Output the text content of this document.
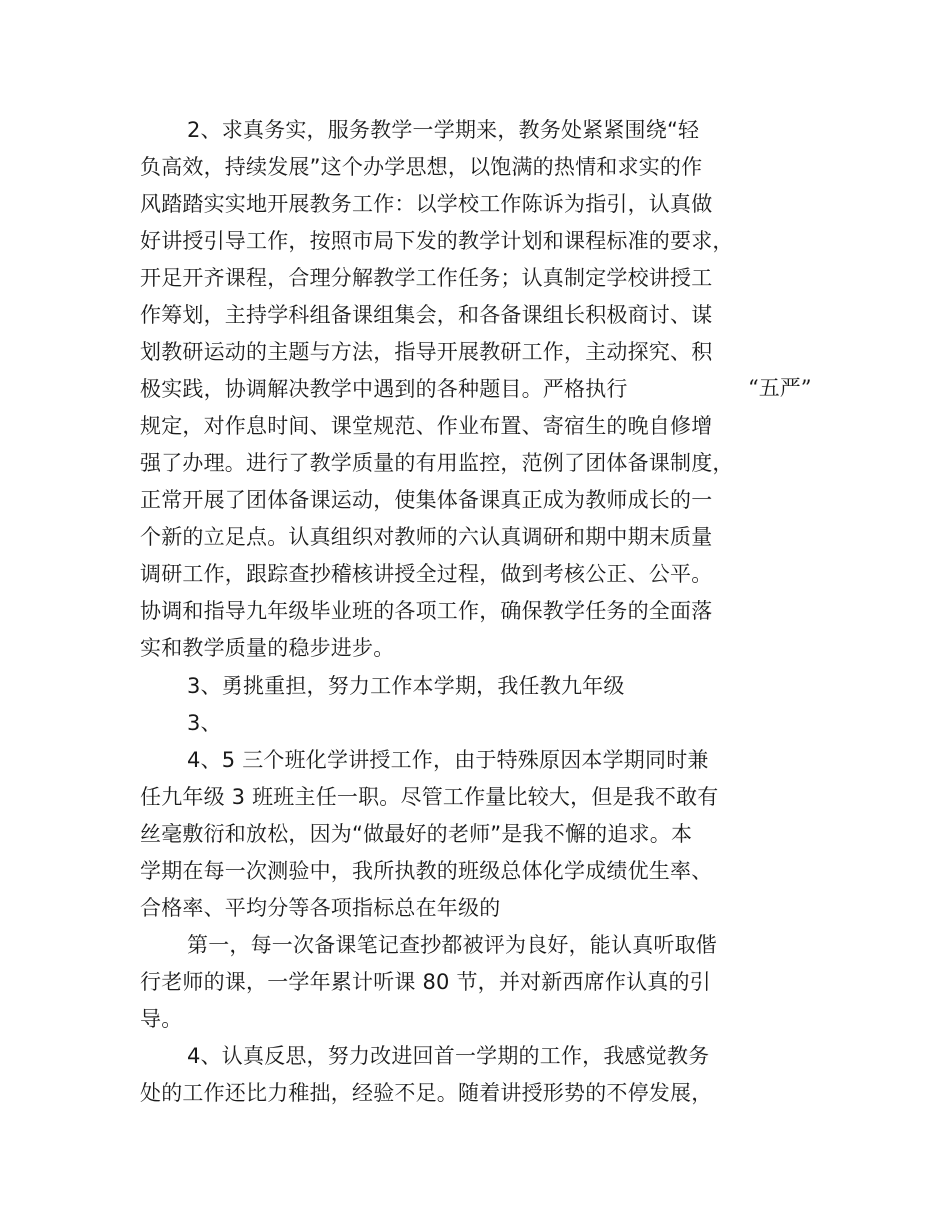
2、求真务实，服务教学一学期来，教务处紧紧围绕“轻
负高效，持续发展”这个办学思想，以饱满的热情和求实的作
风踏踏实实地开展教务工作：以学校工作陈诉为指引，认真做
好讲授引导工作，按照市局下发的教学计划和课程标准的要求，
开足开齐课程，合理分解教学工作任务；认真制定学校讲授工
作筹划，主持学科组备课组集会，和各备课组长积极商讨、谋
划教研运动的主题与方法，指导开展教研工作，主动探究、积
极实践，协调解决教学中遇到的各种题目。严格执行	“五严”
规定，对作息时间、课堂规范、作业布置、寄宿生的晚自修增
强了办理。进行了教学质量的有用监控，范例了团体备课制度，
正常开展了团体备课运动，使集体备课真正成为教师成长的一
个新的立足点。认真组织对教师的六认真调研和期中期末质量
调研工作，跟踪查抄稽核讲授全过程，做到考核公正、公平。
协调和指导九年级毕业班的各项工作，确保教学任务的全面落
实和教学质量的稳步进步。
3、勇挑重担，努力工作本学期，我任教九年级
3、
4、5 三个班化学讲授工作，由于特殊原因本学期同时兼
任九年级 3 班班主任一职。尽管工作量比较大，但是我不敢有
丝毫敷衍和放松，因为“做最好的老师”是我不懈的追求。本
学期在每一次测验中，我所执教的班级总体化学成绩优生率、
合格率、平均分等各项指标总在年级的
第一，每一次备课笔记查抄都被评为良好，能认真听取偕
行老师的课，一学年累计听课 80 节，并对新西席作认真的引
导。
4、认真反思，努力改进回首一学期的工作，我感觉教务
处的工作还比力稚拙，经验不足。随着讲授形势的不停发展，
